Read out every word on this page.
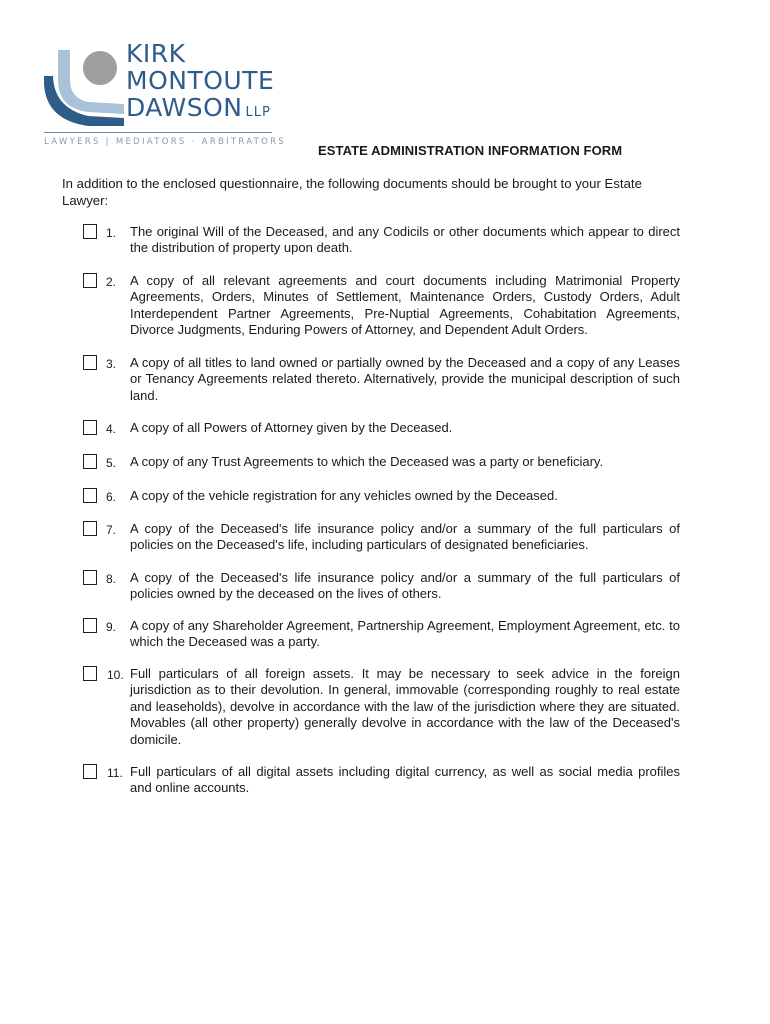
KIRK
MONTOUTE
DAWSON LLP
LAWYERS | MEDIATORS · ARBITRATORS
ESTATE ADMINISTRATION INFORMATION FORM
In addition to the enclosed questionnaire, the following documents should be brought to your Estate Lawyer:
1. The original Will of the Deceased, and any Codicils or other documents which appear to direct the distribution of property upon death.
2. A copy of all relevant agreements and court documents including Matrimonial Property Agreements, Orders, Minutes of Settlement, Maintenance Orders, Custody Orders, Adult Interdependent Partner Agreements, Pre-Nuptial Agreements, Cohabitation Agreements, Divorce Judgments, Enduring Powers of Attorney, and Dependent Adult Orders.
3. A copy of all titles to land owned or partially owned by the Deceased and a copy of any Leases or Tenancy Agreements related thereto. Alternatively, provide the municipal description of such land.
4. A copy of all Powers of Attorney given by the Deceased.
5. A copy of any Trust Agreements to which the Deceased was a party or beneficiary.
6. A copy of the vehicle registration for any vehicles owned by the Deceased.
7. A copy of the Deceased's life insurance policy and/or a summary of the full particulars of policies on the Deceased's life, including particulars of designated beneficiaries.
8. A copy of the Deceased's life insurance policy and/or a summary of the full particulars of policies owned by the deceased on the lives of others.
9. A copy of any Shareholder Agreement, Partnership Agreement, Employment Agreement, etc. to which the Deceased was a party.
10. Full particulars of all foreign assets. It may be necessary to seek advice in the foreign jurisdiction as to their devolution. In general, immovable (corresponding roughly to real estate and leaseholds), devolve in accordance with the law of the jurisdiction where they are situated. Movables (all other property) generally devolve in accordance with the law of the Deceased's domicile.
11. Full particulars of all digital assets including digital currency, as well as social media profiles and online accounts.
